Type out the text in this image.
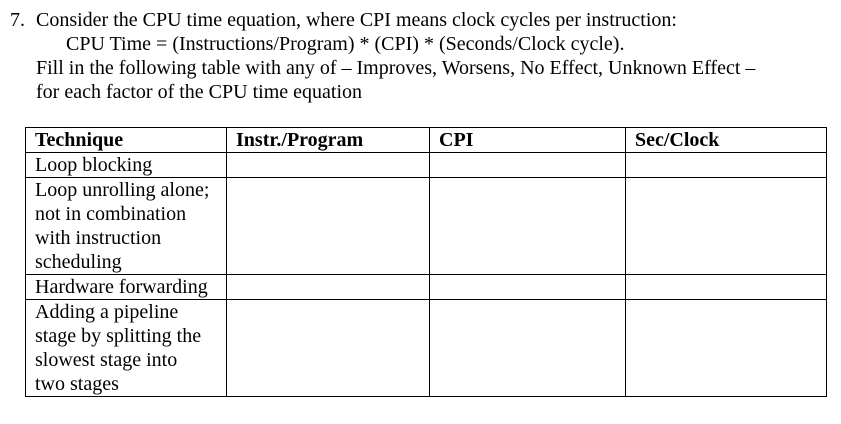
7. Consider the CPU time equation, where CPI means clock cycles per instruction:
CPU Time = (Instructions/Program) * (CPI) * (Seconds/Clock cycle).
Fill in the following table with any of – Improves, Worsens, No Effect, Unknown Effect –
for each factor of the CPU time equation
Technique	Instr./Program	CPI	Sec/Clock

Loop blocking			

Loop unrolling alone;
not in combination
with instruction
scheduling			

Hardware forwarding			

Adding a pipeline
stage by splitting the
slowest stage into
two stages			
